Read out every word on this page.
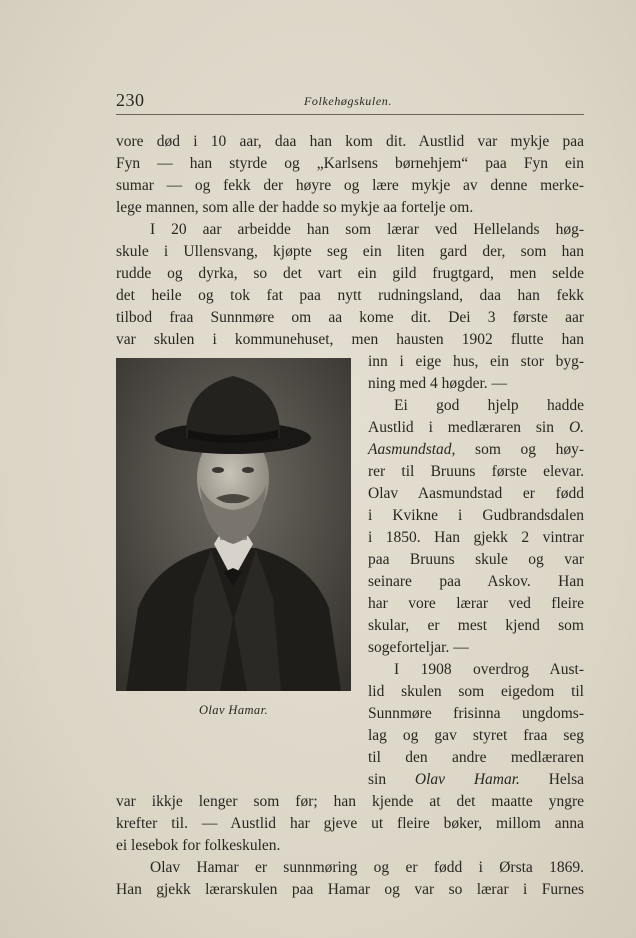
230	Folkehøgskulen.
vore død i 10 aar, daa han kom dit. Austlid var mykje paa
Fyn — han styrde og „Karlsens børnehjem“ paa Fyn ein
sumar — og fekk der høyre og lære mykje av denne merke-
lege mannen, som alle der hadde so mykje aa fortelje om.
I 20 aar arbeidde han som lærar ved Hellelands høg-
skule i Ullensvang, kjøpte seg ein liten gard der, som han
rudde og dyrka, so det vart ein gild frugtgard, men selde
det heile og tok fat paa nytt rudningsland, daa han fekk
tilbod fraa Sunnmøre om aa kome dit. Dei 3 første aar
var skulen i kommunehuset, men hausten 1902 flutte han
inn i eige hus, ein stor byg-
ning med 4 høgder. —
Ei god hjelp hadde
Austlid i medlæraren sin O.
Aasmundstad, som og høy-
rer til Bruuns første elevar.
Olav Aasmundstad er fødd
i Kvikne i Gudbrandsdalen
i 1850. Han gjekk 2 vintrar
paa Bruuns skule og var
seinare paa Askov. Han
har vore lærar ved fleire
skular, er mest kjend som
sogeforteljar. —
I 1908 overdrog Aust-
lid skulen som eigedom til
Sunnmøre frisinna ungdoms-
lag og gav styret fraa seg
til den andre medlæraren
sin Olav Hamar. Helsa
var ikkje lenger som før; han kjende at det maatte yngre
krefter til. — Austlid har gjeve ut fleire bøker, millom anna
ei lesebok for folkeskulen.
Olav Hamar er sunnmøring og er fødd i Ørsta 1869.
Han gjekk lærarskulen paa Hamar og var so lærar i Furnes
Olav Hamar.
